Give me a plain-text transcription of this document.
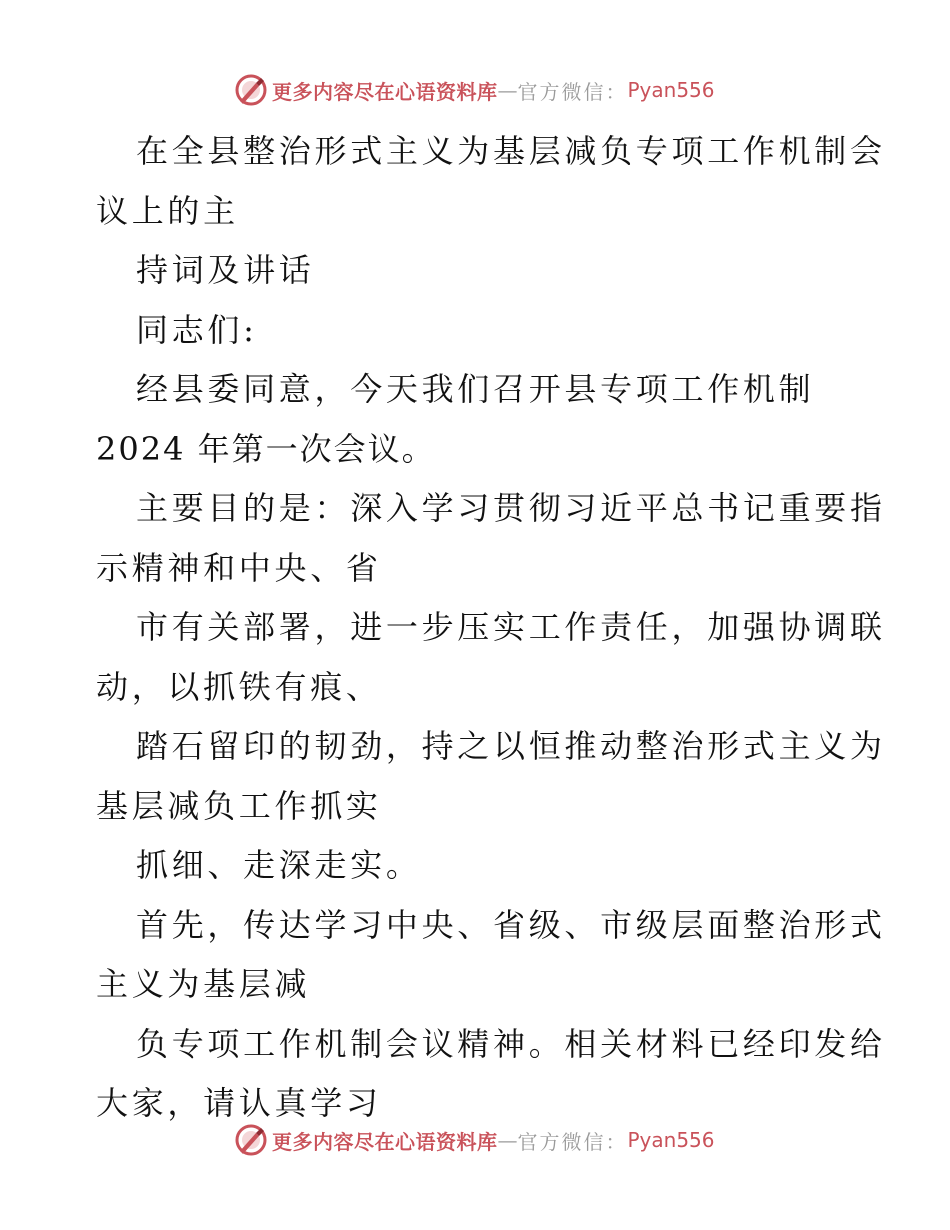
更多内容尽在心语资料库 — 官方微信： Pyan556
在全县整治形式主义为基层减负专项工作机制会
议上的主
持词及讲话
同志们:
经县委同意，今天我们召开县专项工作机制
2024 年第一次会议。
主要目的是：深入学习贯彻习近平总书记重要指
示精神和中央、省
市有关部署，进一步压实工作责任，加强协调联
动，以抓铁有痕、
踏石留印的韧劲，持之以恒推动整治形式主义为
基层减负工作抓实
抓细、走深走实。
首先，传达学习中央、省级、市级层面整治形式
主义为基层减
负专项工作机制会议精神。相关材料已经印发给
大家，请认真学习
更多内容尽在心语资料库 — 官方微信： Pyan556
